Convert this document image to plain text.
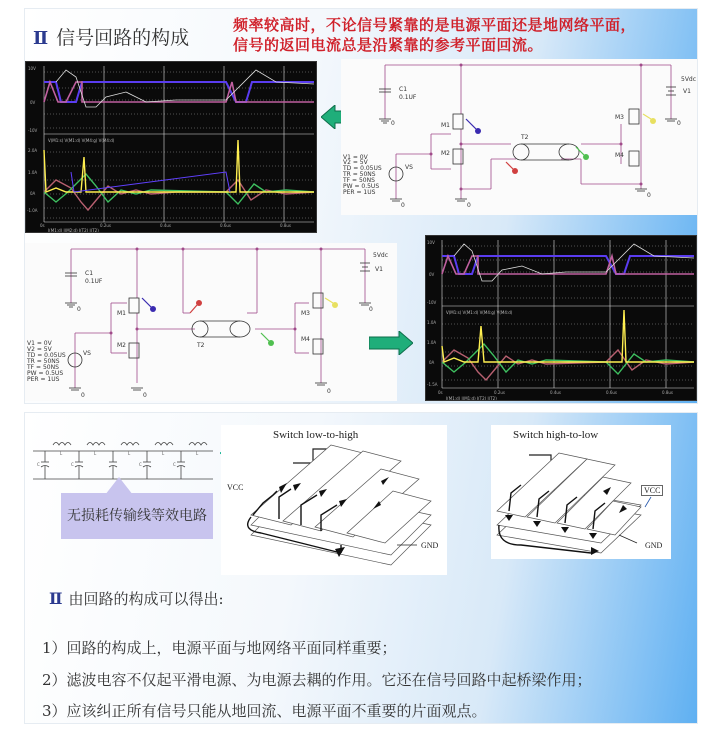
Ⅱ 信号回路的构成
频率较高时，不论信号紧靠的是电源平面还是地网络平面，
信号的返回电流总是沿紧靠的参考平面回流。
10V
0V
-10V
V(M1:s) V(M1:d) V(M4:g) V(M4:d)
2.0A
1.0A
0A
-1.0A
0s	0.2us	0.4us	0.6us	0.8us
I(M1:d) I(M2:d) I(T2) I(T2)
C1
0.1UF
M1
M2
M3
M4
T2
5Vdc
V1
VS
V1 = 0V
V2 = 5V
TD = 0.05US
TR = 50NS
TF = 50NS
PW = 0.5US
PER = 1US
0
0	0
0
0
C1
0.1UF
M1
M2
M3
M4
T2
5Vdc
V1
VS
V1 = 0V
V2 = 5V
TD = 0.05US
TR = 50NS
TF = 50NS
PW = 0.5US
PER = 1US
0
0	0
0
0
10V
0V
-10V
V(M1:s) V(M1:d) V(M4:g) V(M4:d)
1.0A
1.0A
0A
-1.5A
0s	0.2us	0.4us	0.6us	0.8us
I(M1:d) I(M1:d) I(T2) I(T2)
L	L	L	L	L
C	C	C	C
无损耗传输线等效电路
Switch low-to-high
VCC
GND
Switch high-to-low
VCC
GND
Ⅱ 由回路的构成可以得出:
1）回路的构成上，电源平面与地网络平面同样重要；
2）滤波电容不仅起平滑电源、为电源去耦的作用。它还在信号回路中起桥梁作用；
3）应该纠正所有信号只能从地回流、电源平面不重要的片面观点。
